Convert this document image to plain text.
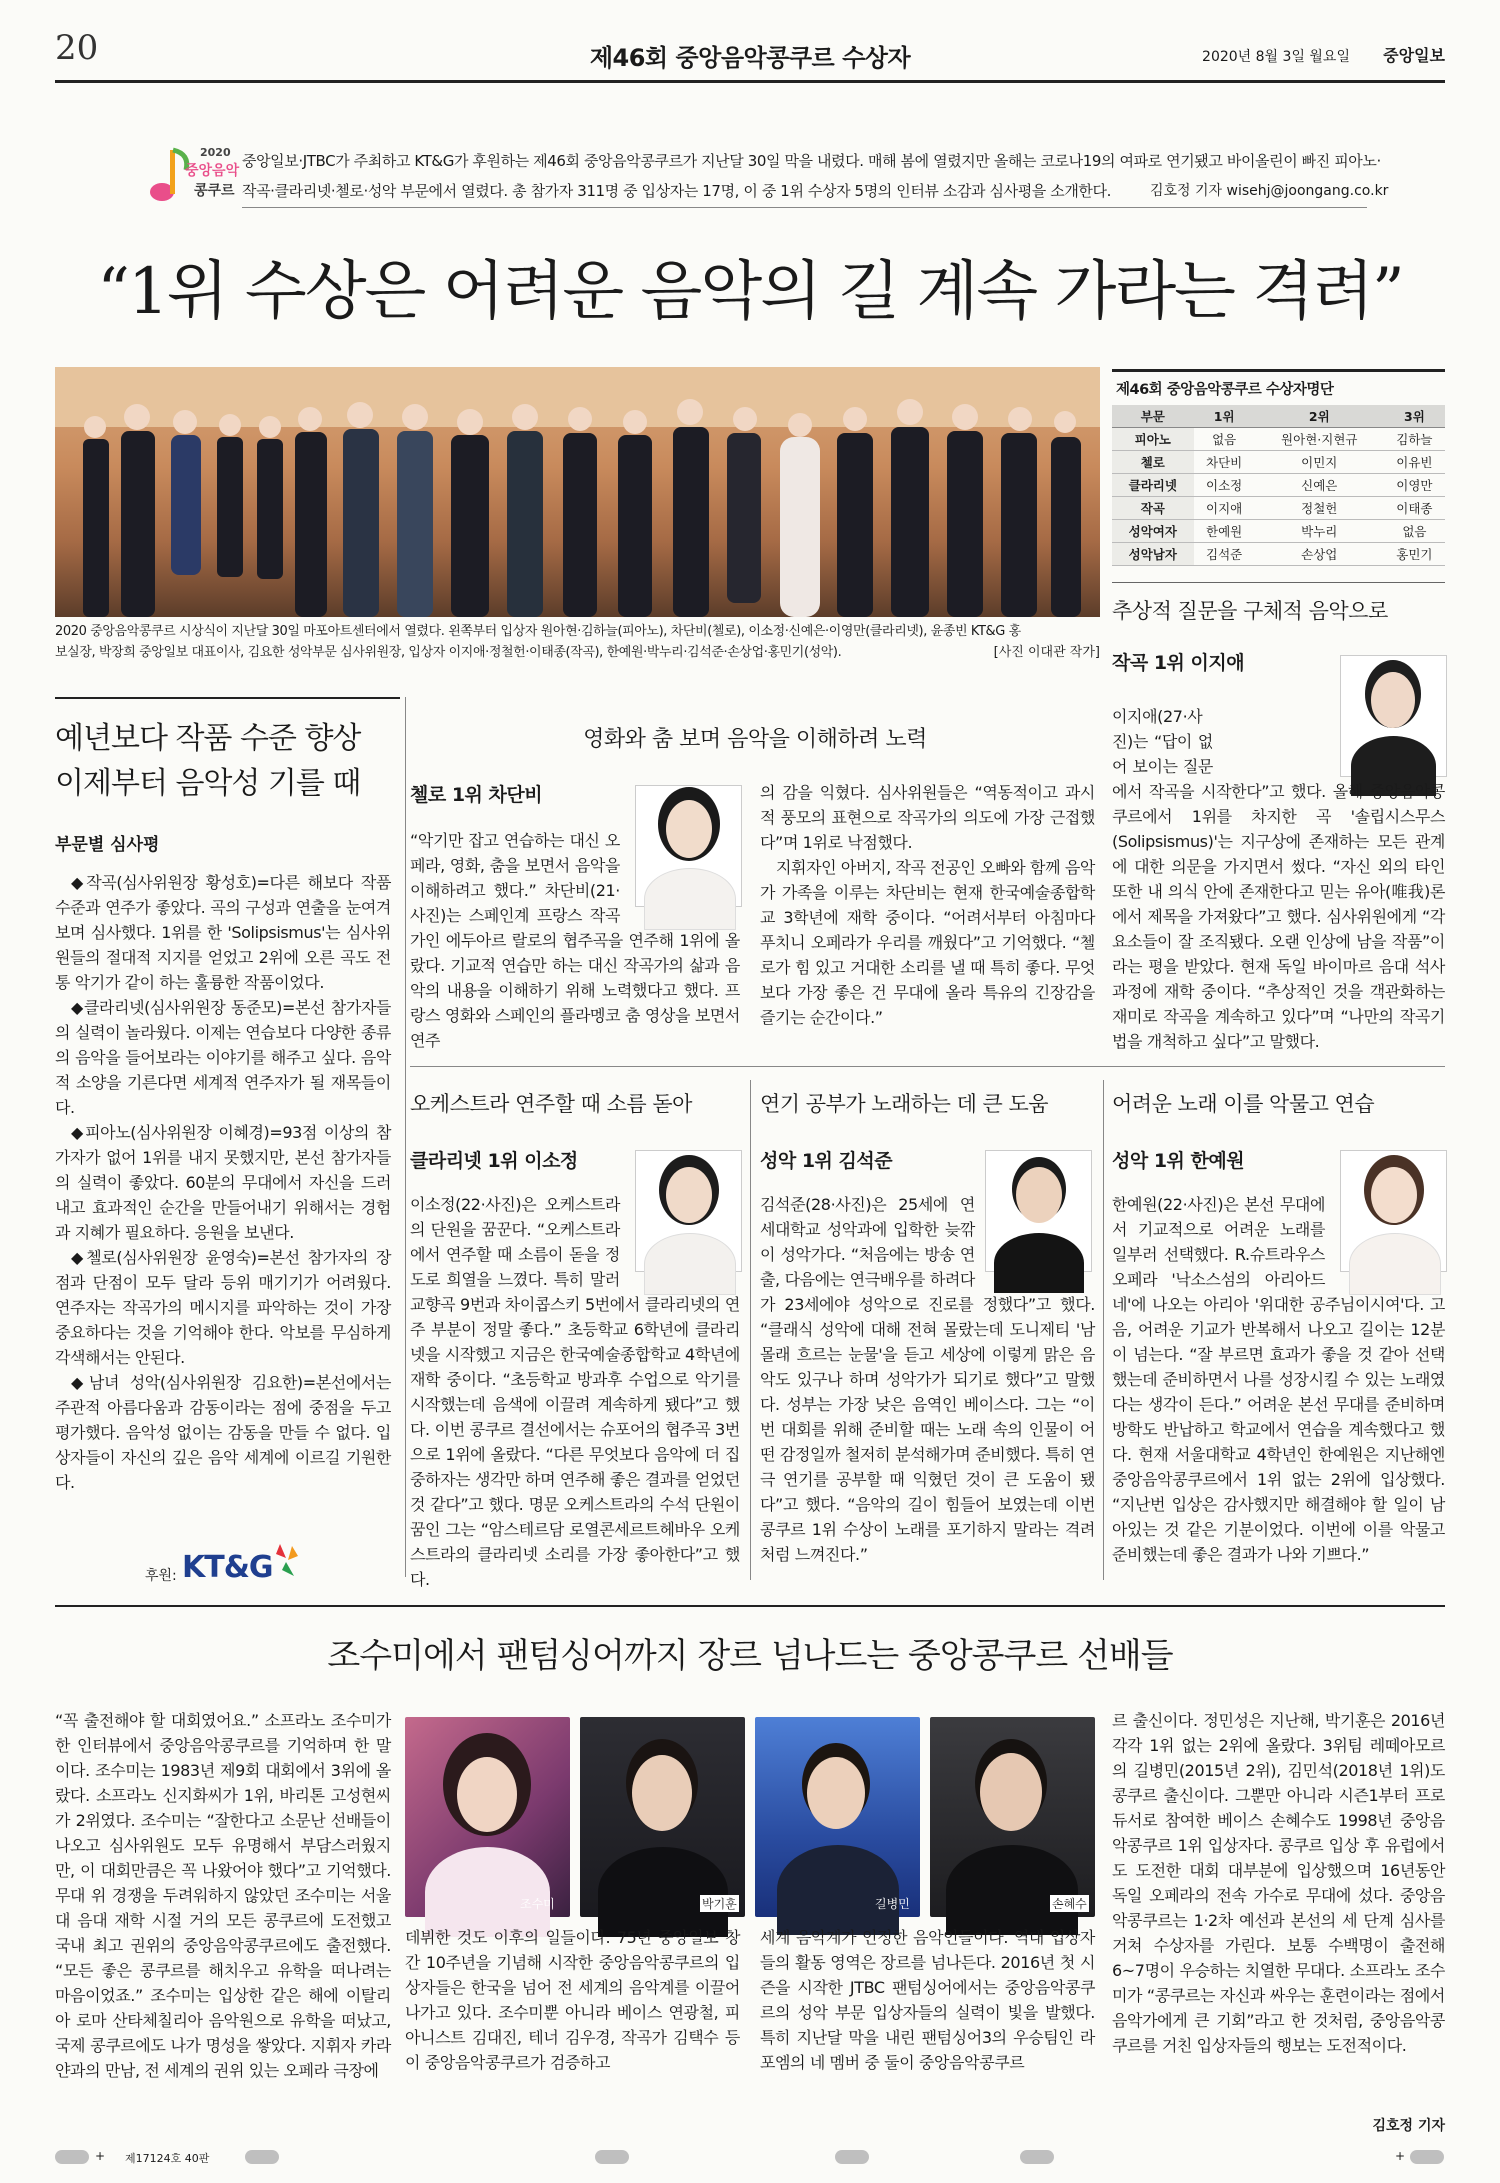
20	제46회 중앙음악콩쿠르 수상자	2020년 8월 3일 월요일 중앙일보
2020
중앙음악
콩쿠르
중앙일보·JTBC가 주최하고 KT&G가 후원하는 제46회 중앙음악콩쿠르가 지난달 30일 막을 내렸다. 매해 봄에 열렸지만 올해는 코로나19의 여파로 연기됐고 바이올린이 빠진 피아노·
작곡·클라리넷·첼로·성악 부문에서 열렸다. 총 참가자 311명 중 입상자는 17명, 이 중 1위 수상자 5명의 인터뷰 소감과 심사평을 소개한다.	김호정 기자 wisehj@joongang.co.kr
“1위 수상은 어려운 음악의 길 계속 가라는 격려”
2020 중앙음악콩쿠르 시상식이 지난달 30일 마포아트센터에서 열렸다. 왼쪽부터 입상자 원아현·김하늘(피아노), 차단비(첼로), 이소정·신예은·이영만(클라리넷), 윤종빈 KT&G 홍
보실장, 박장희 중앙일보 대표이사, 김요한 성악부문 심사위원장, 입상자 이지애·정철헌·이태종(작곡), 한예원·박누리·김석준·손상업·홍민기(성악).	[사진 이대관 작가]
제46회 중앙음악콩쿠르 수상자명단
부문	1위	2위	3위
피아노	없음	원아현·지현규	김하늘
첼로	차단비	이민지	이유빈
클라리넷	이소정	신예은	이영만
작곡	이지애	정철헌	이태종
성악여자	한예원	박누리	없음
성악남자	김석준	손상업	홍민기
추상적 질문을 구체적 음악으로
작곡 1위 이지애

이지애(27·사진)는 “답이 없어 보이는 질문에서 작곡을 시작한다”고 했다. 올해 중앙음악콩쿠르에서 1위를 차지한 곡 '솔립시스무스(Solipsismus)'는 지구상에 존재하는 모든 관계에 대한 의문을 가지면서 썼다. “자신 외의 타인 또한 내 의식 안에 존재한다고 믿는 유아(唯我)론에서 제목을 가져왔다”고 했다. 심사위원에게 “각 요소들이 잘 조직됐다. 오랜 인상에 남을 작품”이라는 평을 받았다. 현재 독일 바이마르 음대 석사과정에 재학 중이다. “추상적인 것을 객관화하는 재미로 작곡을 계속하고 있다”며 “나만의 작곡기법을 개척하고 싶다”고 말했다.

예년보다 작품 수준 향상
이제부터 음악성 기를 때
부문별 심사평

◆작곡(심사위원장 황성호)=다른 해보다 작품 수준과 연주가 좋았다. 곡의 구성과 연출을 눈여겨보며 심사했다. 1위를 한 'Solipsismus'는 심사위원들의 절대적 지지를 얻었고 2위에 오른 곡도 전통 악기가 같이 하는 훌륭한 작품이었다.

◆클라리넷(심사위원장 동준모)=본선 참가자들의 실력이 놀라웠다. 이제는 연습보다 다양한 종류의 음악을 들어보라는 이야기를 해주고 싶다. 음악적 소양을 기른다면 세계적 연주자가 될 재목들이다.

◆피아노(심사위원장 이혜경)=93점 이상의 참가자가 없어 1위를 내지 못했지만, 본선 참가자들의 실력이 좋았다. 60분의 무대에서 자신을 드러내고 효과적인 순간을 만들어내기 위해서는 경험과 지혜가 필요하다. 응원을 보낸다.

◆첼로(심사위원장 윤영숙)=본선 참가자의 장점과 단점이 모두 달라 등위 매기기가 어려웠다. 연주자는 작곡가의 메시지를 파악하는 것이 가장 중요하다는 것을 기억해야 한다. 악보를 무심하게 각색해서는 안된다.

◆남녀 성악(심사위원장 김요한)=본선에서는 주관적 아름다움과 감동이라는 점에 중점을 두고 평가했다. 음악성 없이는 감동을 만들 수 없다. 입상자들이 자신의 깊은 음악 세계에 이르길 기원한다.

후원: KT&G
영화와 춤 보며 음악을 이해하려 노력
첼로 1위 차단비

“악기만 잡고 연습하는 대신 오페라, 영화, 춤을 보면서 음악을 이해하려고 했다.” 차단비(21·사진)는 스페인계 프랑스 작곡가인 에두아르 랄로의 협주곡을 연주해 1위에 올랐다. 기교적 연습만 하는 대신 작곡가의 삶과 음악의 내용을 이해하기 위해 노력했다고 했다. 프랑스 영화와 스페인의 플라멩코 춤 영상을 보면서 연주

의 감을 익혔다. 심사위원들은 “역동적이고 과시적 풍모의 표현으로 작곡가의 의도에 가장 근접했다”며 1위로 낙점했다.

지휘자인 아버지, 작곡 전공인 오빠와 함께 음악가 가족을 이루는 차단비는 현재 한국예술종합학교 3학년에 재학 중이다. “어려서부터 아침마다 푸치니 오페라가 우리를 깨웠다”고 기억했다. “첼로가 힘 있고 거대한 소리를 낼 때 특히 좋다. 무엇보다 가장 좋은 건 무대에 올라 특유의 긴장감을 즐기는 순간이다.”

오케스트라 연주할 때 소름 돋아
클라리넷 1위 이소정

이소정(22·사진)은 오케스트라의 단원을 꿈꾼다. “오케스트라에서 연주할 때 소름이 돋을 정도로 희열을 느꼈다. 특히 말러 교향곡 9번과 차이콥스키 5번에서 클라리넷의 연주 부분이 정말 좋다.” 초등학교 6학년에 클라리넷을 시작했고 지금은 한국예술종합학교 4학년에 재학 중이다. “초등학교 방과후 수업으로 악기를 시작했는데 음색에 이끌려 계속하게 됐다”고 했다. 이번 콩쿠르 결선에서는 슈포어의 협주곡 3번으로 1위에 올랐다. “다른 무엇보다 음악에 더 집중하자는 생각만 하며 연주해 좋은 결과를 얻었던 것 같다”고 했다. 명문 오케스트라의 수석 단원이 꿈인 그는 “암스테르담 로열콘세르트헤바우 오케스트라의 클라리넷 소리를 가장 좋아한다”고 했다.

연기 공부가 노래하는 데 큰 도움
성악 1위 김석준

김석준(28·사진)은 25세에 연세대학교 성악과에 입학한 늦깎이 성악가다. “처음에는 방송 연출, 다음에는 연극배우를 하려다가 23세에야 성악으로 진로를 정했다”고 했다. “클래식 성악에 대해 전혀 몰랐는데 도니제티 '남몰래 흐르는 눈물'을 듣고 세상에 이렇게 맑은 음악도 있구나 하며 성악가가 되기로 했다”고 말했다. 성부는 가장 낮은 음역인 베이스다. 그는 “이번 대회를 위해 준비할 때는 노래 속의 인물이 어떤 감정일까 철저히 분석해가며 준비했다. 특히 연극 연기를 공부할 때 익혔던 것이 큰 도움이 됐다”고 했다. “음악의 길이 힘들어 보였는데 이번 콩쿠르 1위 수상이 노래를 포기하지 말라는 격려처럼 느껴진다.”

어려운 노래 이를 악물고 연습
성악 1위 한예원

한예원(22·사진)은 본선 무대에서 기교적으로 어려운 노래를 일부러 선택했다. R.슈트라우스 오페라 '낙소스섬의 아리아드네'에 나오는 아리아 '위대한 공주님이시여'다. 고음, 어려운 기교가 반복해서 나오고 길이는 12분이 넘는다. “잘 부르면 효과가 좋을 것 같아 선택했는데 준비하면서 나를 성장시킬 수 있는 노래였다는 생각이 든다.” 어려운 본선 무대를 준비하며 방학도 반납하고 학교에서 연습을 계속했다고 했다. 현재 서울대학교 4학년인 한예원은 지난해엔 중앙음악콩쿠르에서 1위 없는 2위에 입상했다. “지난번 입상은 감사했지만 해결해야 할 일이 남아있는 것 같은 기분이었다. 이번에 이를 악물고 준비했는데 좋은 결과가 나와 기쁘다.”

조수미에서 팬텀싱어까지 장르 넘나드는 중앙콩쿠르 선배들

“꼭 출전해야 할 대회였어요.” 소프라노 조수미가 한 인터뷰에서 중앙음악콩쿠르를 기억하며 한 말이다. 조수미는 1983년 제9회 대회에서 3위에 올랐다. 소프라노 신지화씨가 1위, 바리톤 고성현씨가 2위였다. 조수미는 “잘한다고 소문난 선배들이 나오고 심사위원도 모두 유명해서 부담스러웠지만, 이 대회만큼은 꼭 나왔어야 했다”고 기억했다. 무대 위 경쟁을 두려워하지 않았던 조수미는 서울대 음대 재학 시절 거의 모든 콩쿠르에 도전했고 국내 최고 권위의 중앙음악콩쿠르에도 출전했다. “모든 좋은 콩쿠르를 해치우고 유학을 떠나려는 마음이었죠.” 조수미는 입상한 같은 해에 이탈리아 로마 산타체칠리아 음악원으로 유학을 떠났고, 국제 콩쿠르에도 나가 명성을 쌓았다. 지휘자 카라얀과의 만남, 전 세계의 권위 있는 오페라 극장에

조수미	박기훈	길병민	손혜수

데뷔한 것도 이후의 일들이다. 75년 중앙일보 창간 10주년을 기념해 시작한 중앙음악콩쿠르의 입상자들은 한국을 넘어 전 세계의 음악계를 이끌어나가고 있다. 조수미뿐 아니라 베이스 연광철, 피아니스트 김대진, 테너 김우경, 작곡가 김택수 등이 중앙음악콩쿠르가 검증하고

세계 음악계가 인정한 음악인들이다. 역대 입상자들의 활동 영역은 장르를 넘나든다. 2016년 첫 시즌을 시작한 JTBC 팬텀싱어에서는 중앙음악콩쿠르의 성악 부문 입상자들의 실력이 빛을 발했다. 특히 지난달 막을 내린 팬텀싱어3의 우승팀인 라포엠의 네 멤버 중 둘이 중앙음악콩쿠르

르 출신이다. 정민성은 지난해, 박기훈은 2016년 각각 1위 없는 2위에 올랐다. 3위팀 레떼아모르의 길병민(2015년 2위), 김민석(2018년 1위)도 콩쿠르 출신이다. 그뿐만 아니라 시즌1부터 프로듀서로 참여한 베이스 손혜수도 1998년 중앙음악콩쿠르 1위 입상자다. 콩쿠르 입상 후 유럽에서도 도전한 대회 대부분에 입상했으며 16년동안 독일 오페라의 전속 가수로 무대에 섰다. 중앙음악콩쿠르는 1·2차 예선과 본선의 세 단계 심사를 거쳐 수상자를 가린다. 보통 수백명이 출전해 6~7명이 우승하는 치열한 무대다. 소프라노 조수미가 “콩쿠르는 자신과 싸우는 훈련이라는 점에서 음악가에게 큰 기회”라고 한 것처럼, 중앙음악콩쿠르를 거친 입상자들의 행보는 도전적이다.

김호정 기자
+ 제17124호 40판	+
